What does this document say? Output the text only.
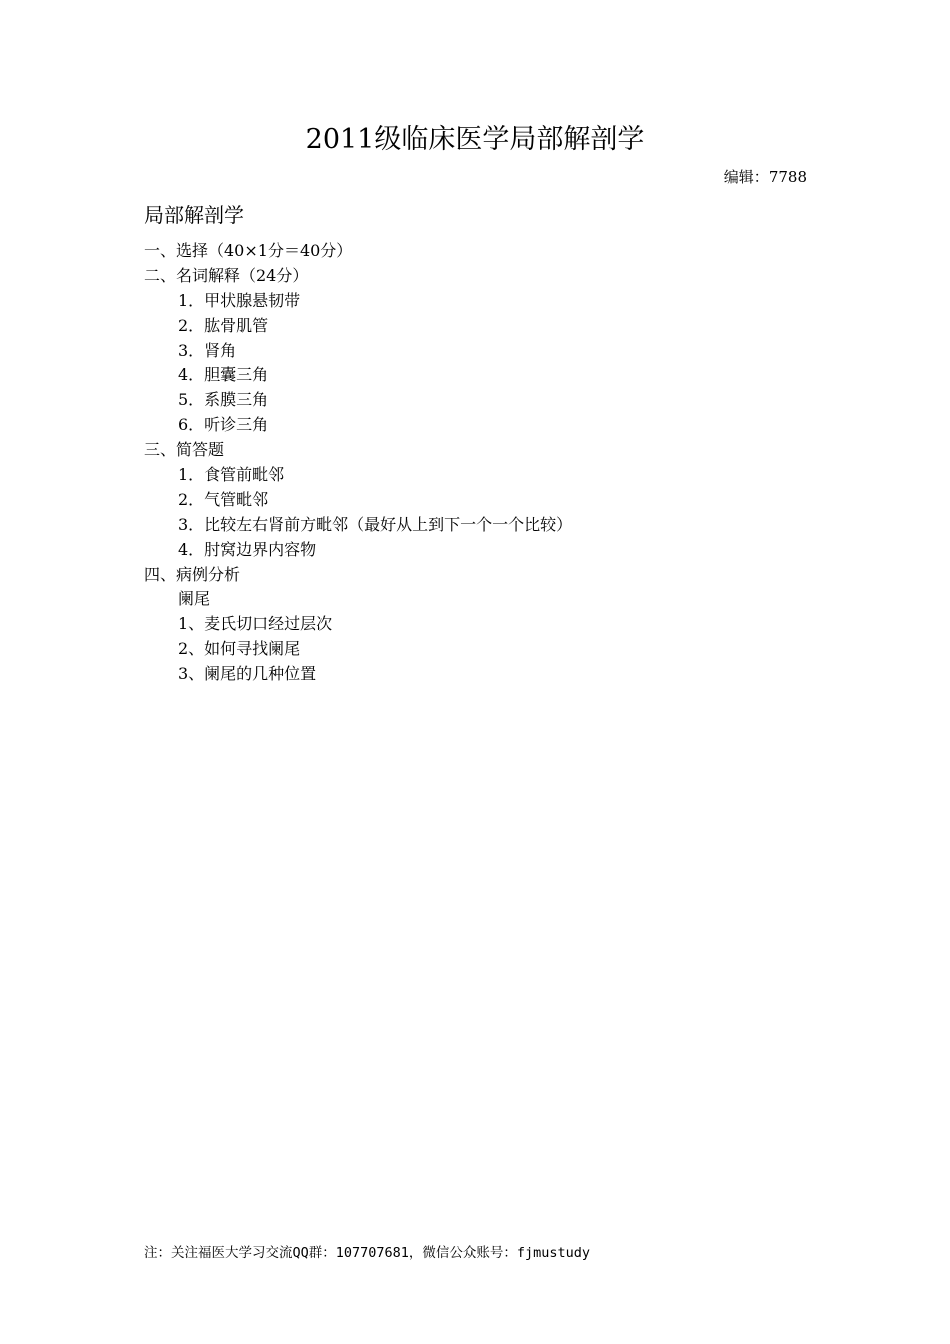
2011级临床医学局部解剖学
编辑：7788
局部解剖学
一、选择（40×1分＝40分）
二、名词解释（24分）
1．甲状腺悬韧带
2．肱骨肌管
3．肾角
4．胆囊三角
5．系膜三角
6．听诊三角
三、简答题
1．食管前毗邻
2．气管毗邻
3．比较左右肾前方毗邻（最好从上到下一个一个比较）
4．肘窝边界内容物
四、病例分析
阑尾
1、麦氏切口经过层次
2、如何寻找阑尾
3、阑尾的几种位置
注：关注福医大学习交流QQ群：107707681，微信公众账号：fjmustudy
